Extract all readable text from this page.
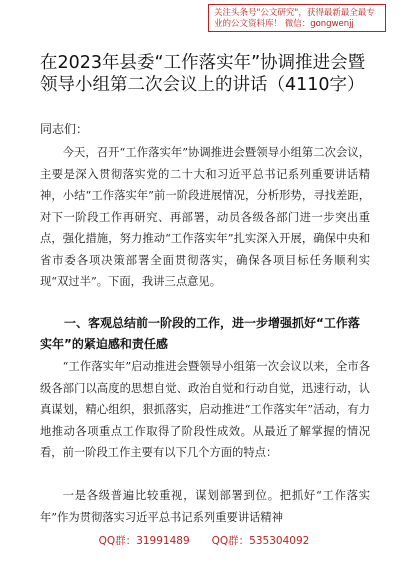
关注头条号"公文研究"，获得最新最全最专业的公文资料库！ 微信：gongwenjj
在2023年县委“工作落实年”协调推进会暨领导小组第二次会议上的讲话（4110字）
同志们：

今天，召开“工作落实年”协调推进会暨领导小组第二次会议，主要是深入贯彻落实党的二十大和习近平总书记系列重要讲话精神，小结“工作落实年”前一阶段进展情况，分析形势，寻找差距，对下一阶段工作再研究、再部署，动员各级各部门进一步突出重点，强化措施，努力推动“工作落实年”扎实深入开展，确保中央和省市委各项决策部署全面贯彻落实，确保各项目标任务顺利实现“双过半”。下面，我讲三点意见。

一、客观总结前一阶段的工作，进一步增强抓好“工作落实年”的紧迫感和责任感

“工作落实年”启动推进会暨领导小组第一次会议以来，全市各级各部门以高度的思想自觉、政治自觉和行动自觉，迅速行动，认真谋划，精心组织，狠抓落实，启动推进“工作落实年”活动，有力地推动各项重点工作取得了阶段性成效。从最近了解掌握的情况看，前一阶段工作主要有以下几个方面的特点：

一是各级普遍比较重视，谋划部署到位。把抓好“工作落实年”作为贯彻落实习近平总书记系列重要讲话精神

QQ群：31991489 QQ群：535304092
